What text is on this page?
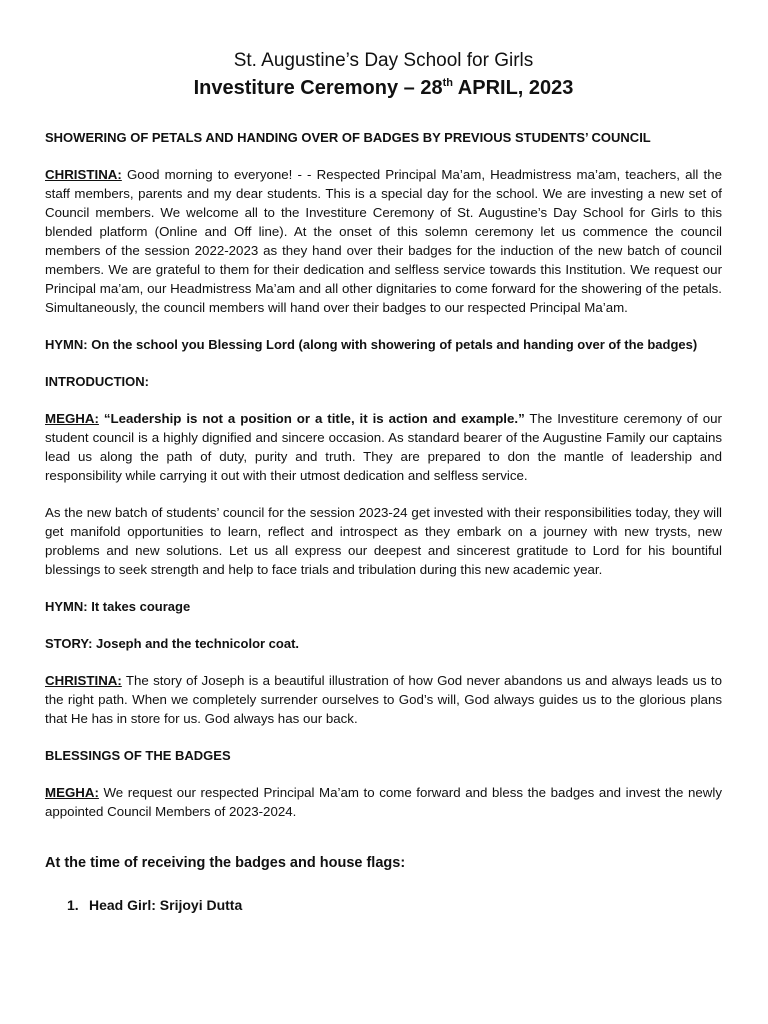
St. Augustine’s Day School for Girls
Investiture Ceremony – 28th APRIL, 2023
SHOWERING OF PETALS AND HANDING OVER OF BADGES BY PREVIOUS STUDENTS’ COUNCIL
CHRISTINA: Good morning to everyone! - - Respected Principal Ma’am, Headmistress ma’am, teachers, all the staff members, parents and my dear students. This is a special day for the school. We are investing a new set of Council members. We welcome all to the Investiture Ceremony of St. Augustine’s Day School for Girls to this blended platform (Online and Off line). At the onset of this solemn ceremony let us commence the council members of the session 2022-2023 as they hand over their badges for the induction of the new batch of council members. We are grateful to them for their dedication and selfless service towards this Institution. We request our Principal ma’am, our Headmistress Ma’am and all other dignitaries to come forward for the showering of the petals. Simultaneously, the council members will hand over their badges to our respected Principal Ma’am.
HYMN: On the school you Blessing Lord (along with showering of petals and handing over of the badges)
INTRODUCTION:
MEGHA: “Leadership is not a position or a title, it is action and example.” The Investiture ceremony of our student council is a highly dignified and sincere occasion. As standard bearer of the Augustine Family our captains lead us along the path of duty, purity and truth. They are prepared to don the mantle of leadership and responsibility while carrying it out with their utmost dedication and selfless service.
As the new batch of students’ council for the session 2023-24 get invested with their responsibilities today, they will get manifold opportunities to learn, reflect and introspect as they embark on a journey with new trysts, new problems and new solutions. Let us all express our deepest and sincerest gratitude to Lord for his bountiful blessings to seek strength and help to face trials and tribulation during this new academic year.
HYMN: It takes courage
STORY: Joseph and the technicolor coat.
CHRISTINA: The story of Joseph is a beautiful illustration of how God never abandons us and always leads us to the right path. When we completely surrender ourselves to God’s will, God always guides us to the glorious plans that He has in store for us. God always has our back.
BLESSINGS OF THE BADGES
MEGHA: We request our respected Principal Ma’am to come forward and bless the badges and invest the newly appointed Council Members of 2023-2024.
At the time of receiving the badges and house flags:
1. Head Girl: Srijoyi Dutta
